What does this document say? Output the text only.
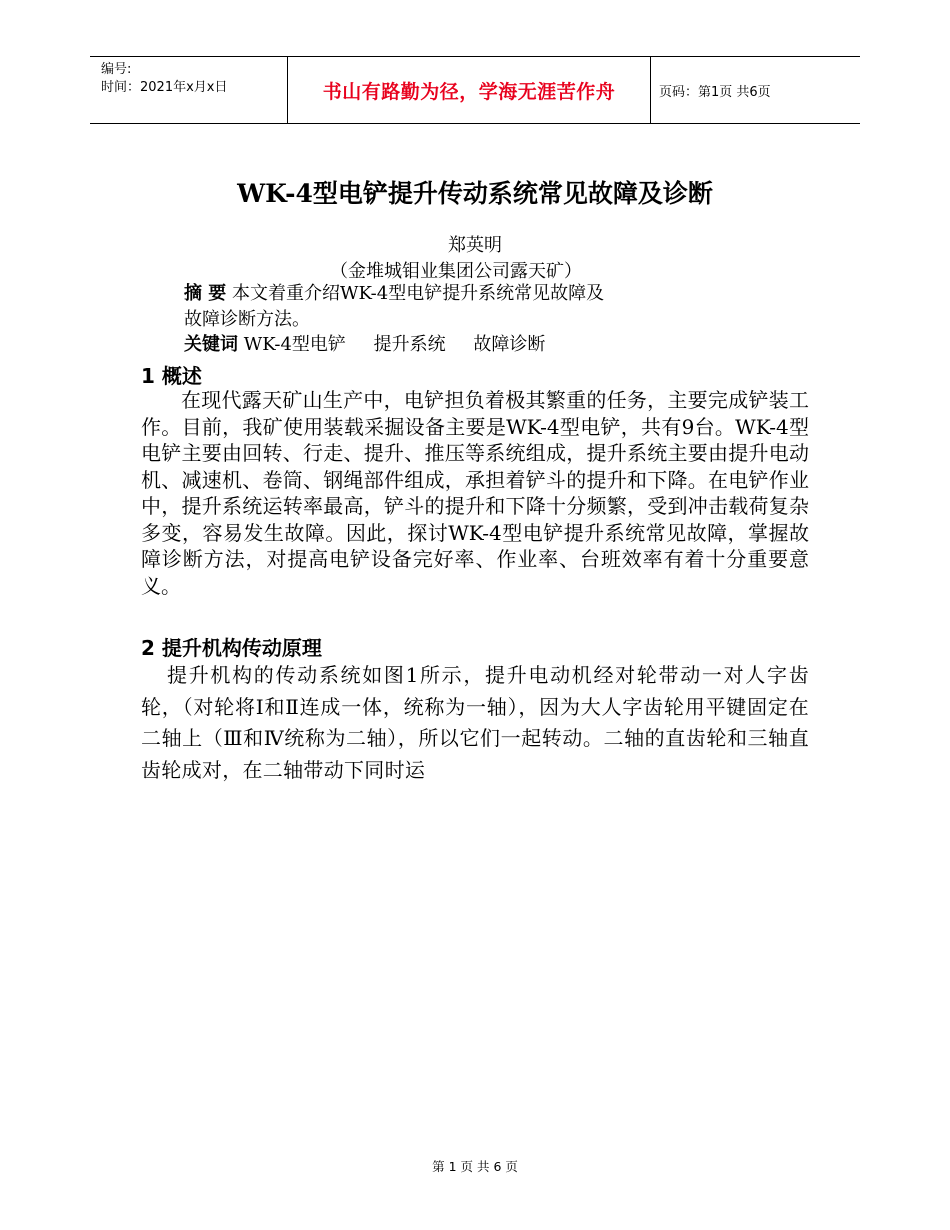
编号:
时间：2021年x月x日	书山有路勤为径，学海无涯苦作舟	页码：第1页 共6页
WK-4型电铲提升传动系统常见故障及诊断
郑英明
（金堆城钼业集团公司露天矿）
摘 要 本文着重介绍WK-4型电铲提升系统常见故障及
故障诊断方法。
关键词 WK-4型电铲 提升系统 故障诊断
1 概述
在现代露天矿山生产中，电铲担负着极其繁重的任务，主要完成铲装工作。目前，我矿使用装载采掘设备主要是WK-4型电铲，共有9台。WK-4型电铲主要由回转、行走、提升、推压等系统组成，提升系统主要由提升电动机、减速机、卷筒、钢绳部件组成，承担着铲斗的提升和下降。在电铲作业中，提升系统运转率最高，铲斗的提升和下降十分频繁，受到冲击载荷复杂多变，容易发生故障。因此，探讨WK-4型电铲提升系统常见故障，掌握故障诊断方法，对提高电铲设备完好率、作业率、台班效率有着十分重要意义。
2 提升机构传动原理
提升机构的传动系统如图1所示，提升电动机经对轮带动一对人字齿轮，（对轮将Ⅰ和Ⅱ连成一体，统称为一轴），因为大人字齿轮用平键固定在二轴上（Ⅲ和Ⅳ统称为二轴），所以它们一起转动。二轴的直齿轮和三轴直齿轮成对，在二轴带动下同时运
第 1 页 共 6 页
